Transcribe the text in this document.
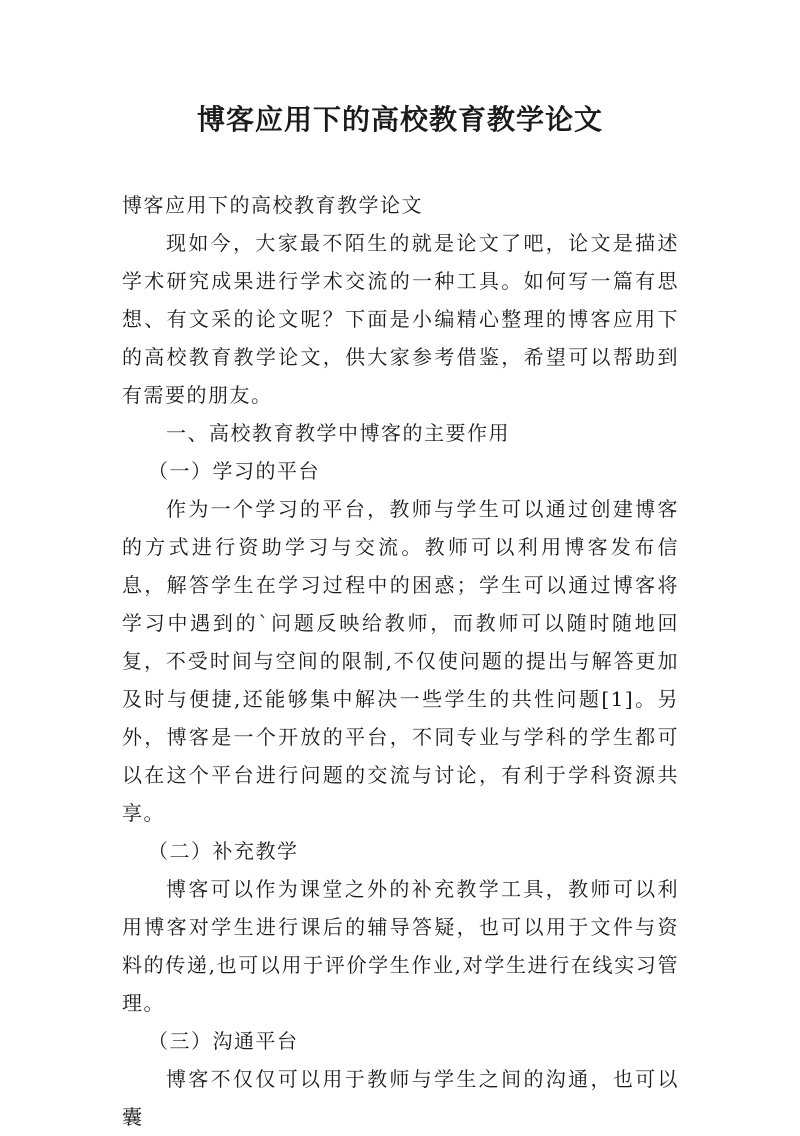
博客应用下的高校教育教学论文

博客应用下的高校教育教学论文

现如今，大家最不陌生的就是论文了吧，论文是描述学术研究成果进行学术交流的一种工具。如何写一篇有思想、有文采的论文呢？下面是小编精心整理的博客应用下的高校教育教学论文，供大家参考借鉴，希望可以帮助到有需要的朋友。

一、高校教育教学中博客的主要作用

（一）学习的平台

作为一个学习的平台，教师与学生可以通过创建博客的方式进行资助学习与交流。教师可以利用博客发布信息，解答学生在学习过程中的困惑；学生可以通过博客将学习中遇到的`问题反映给教师，而教师可以随时随地回复，不受时间与空间的限制,不仅使问题的提出与解答更加及时与便捷,还能够集中解决一些学生的共性问题[1]。另外，博客是一个开放的平台，不同专业与学科的学生都可以在这个平台进行问题的交流与讨论，有利于学科资源共享。

（二）补充教学

博客可以作为课堂之外的补充教学工具，教师可以利用博客对学生进行课后的辅导答疑，也可以用于文件与资料的传递,也可以用于评价学生作业,对学生进行在线实习管理。

（三）沟通平台

博客不仅仅可以用于教师与学生之间的沟通，也可以囊
